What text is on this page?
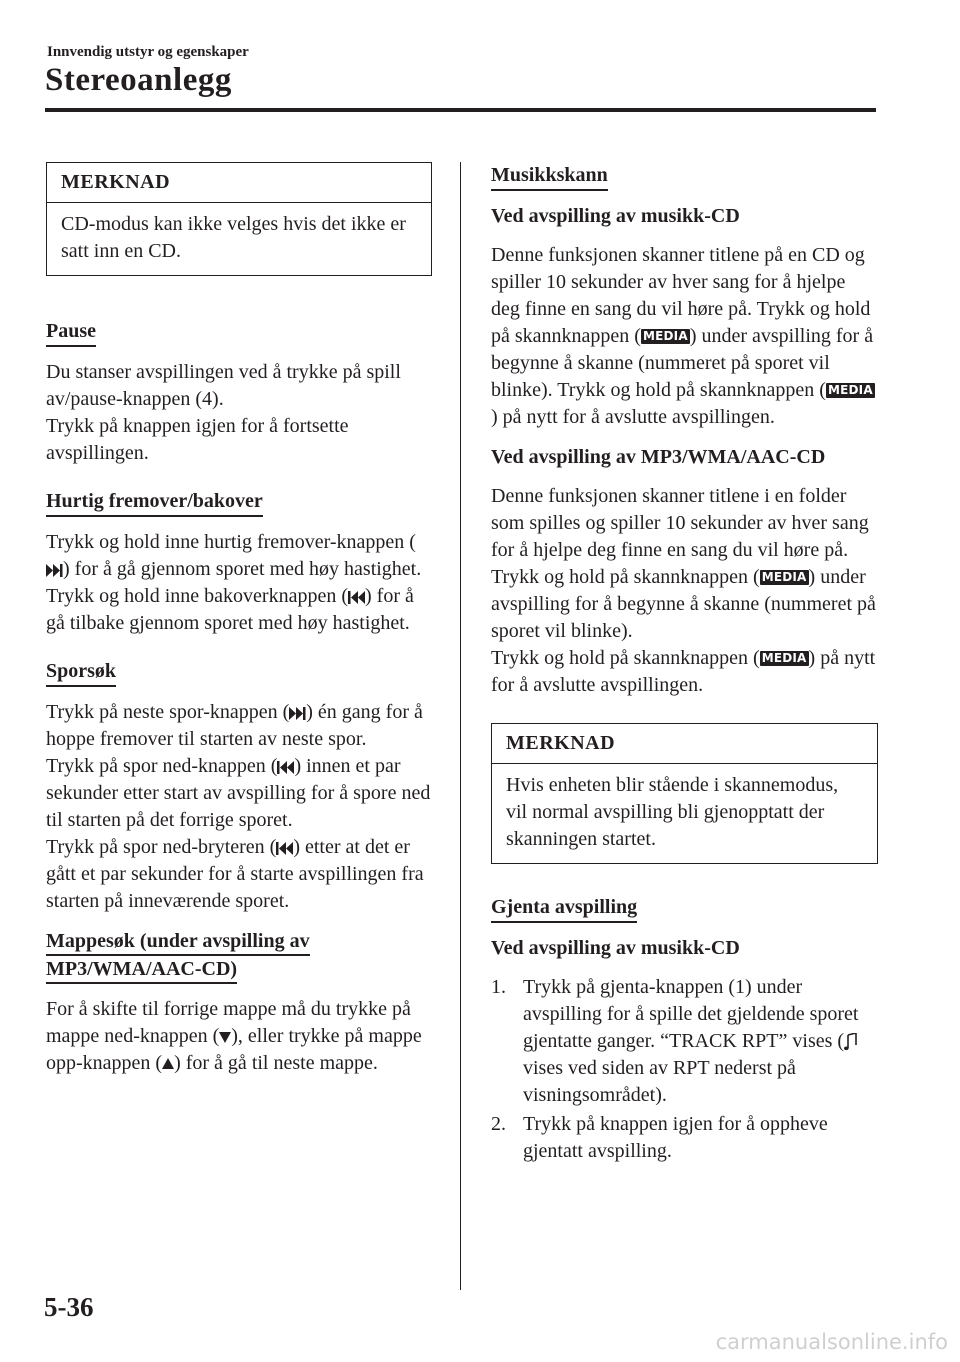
Innvendig utstyr og egenskaper
Stereoanlegg
MERKNAD
CD-modus kan ikke velges hvis det ikke er satt inn en CD.
Pause

Du stanser avspillingen ved å trykke på spill av/pause-knappen (4).

Trykk på knappen igjen for å fortsette avspillingen.

Hurtig fremover/bakover

Trykk og hold inne hurtig fremover-knappen () for å gå gjennom sporet med høy hastighet. Trykk og hold inne bakoverknappen ( ) for å gå tilbake gjennom sporet med høy hastighet.

Sporsøk

Trykk på neste spor-knappen ( ) én gang for å hoppe fremover til starten av neste spor.

Trykk på spor ned-knappen ( ) innen et par sekunder etter start av avspilling for å spore ned til starten på det forrige sporet.

Trykk på spor ned-bryteren ( ) etter at det er gått et par sekunder for å starte avspillingen fra starten på inneværende sporet.

Mappesøk (under avspilling av
MP3/WMA/AAC-CD)

For å skifte til forrige mappe må du trykke på mappe ned-knappen ( ), eller trykke på mappe opp-knappen ( ) for å gå til neste mappe.

Musikkskann
Ved avspilling av musikk-CD

Denne funksjonen skanner titlene på en CD og spiller 10 sekunder av hver sang for å hjelpe deg finne en sang du vil høre på. Trykk og hold på skannknappen ( MEDIA ) under avspilling for å begynne å skanne (nummeret på sporet vil blinke). Trykk og hold på skannknappen ( MEDIA) på nytt for å avslutte avspillingen.

Ved avspilling av MP3/WMA/AAC-CD

Denne funksjonen skanner titlene i en folder som spilles og spiller 10 sekunder av hver sang for å hjelpe deg finne en sang du vil høre på. Trykk og hold på skannknappen ( MEDIA ) under avspilling for å begynne å skanne (nummeret på sporet vil blinke).

Trykk og hold på skannknappen ( MEDIA ) på nytt for å avslutte avspillingen.

MERKNAD
Hvis enheten blir stående i skannemodus, vil normal avspilling bli gjenopptatt der skanningen startet.
Gjenta avspilling
Ved avspilling av musikk-CD
1. Trykk på gjenta-knappen (1) under avspilling for å spille det gjeldende sporet gjentatte ganger. “TRACK RPT” vises (vises ved siden av RPT nederst på visningsområdet).
2. Trykk på knappen igjen for å oppheve gjentatt avspilling.
5-36
carmanualsonline.info
